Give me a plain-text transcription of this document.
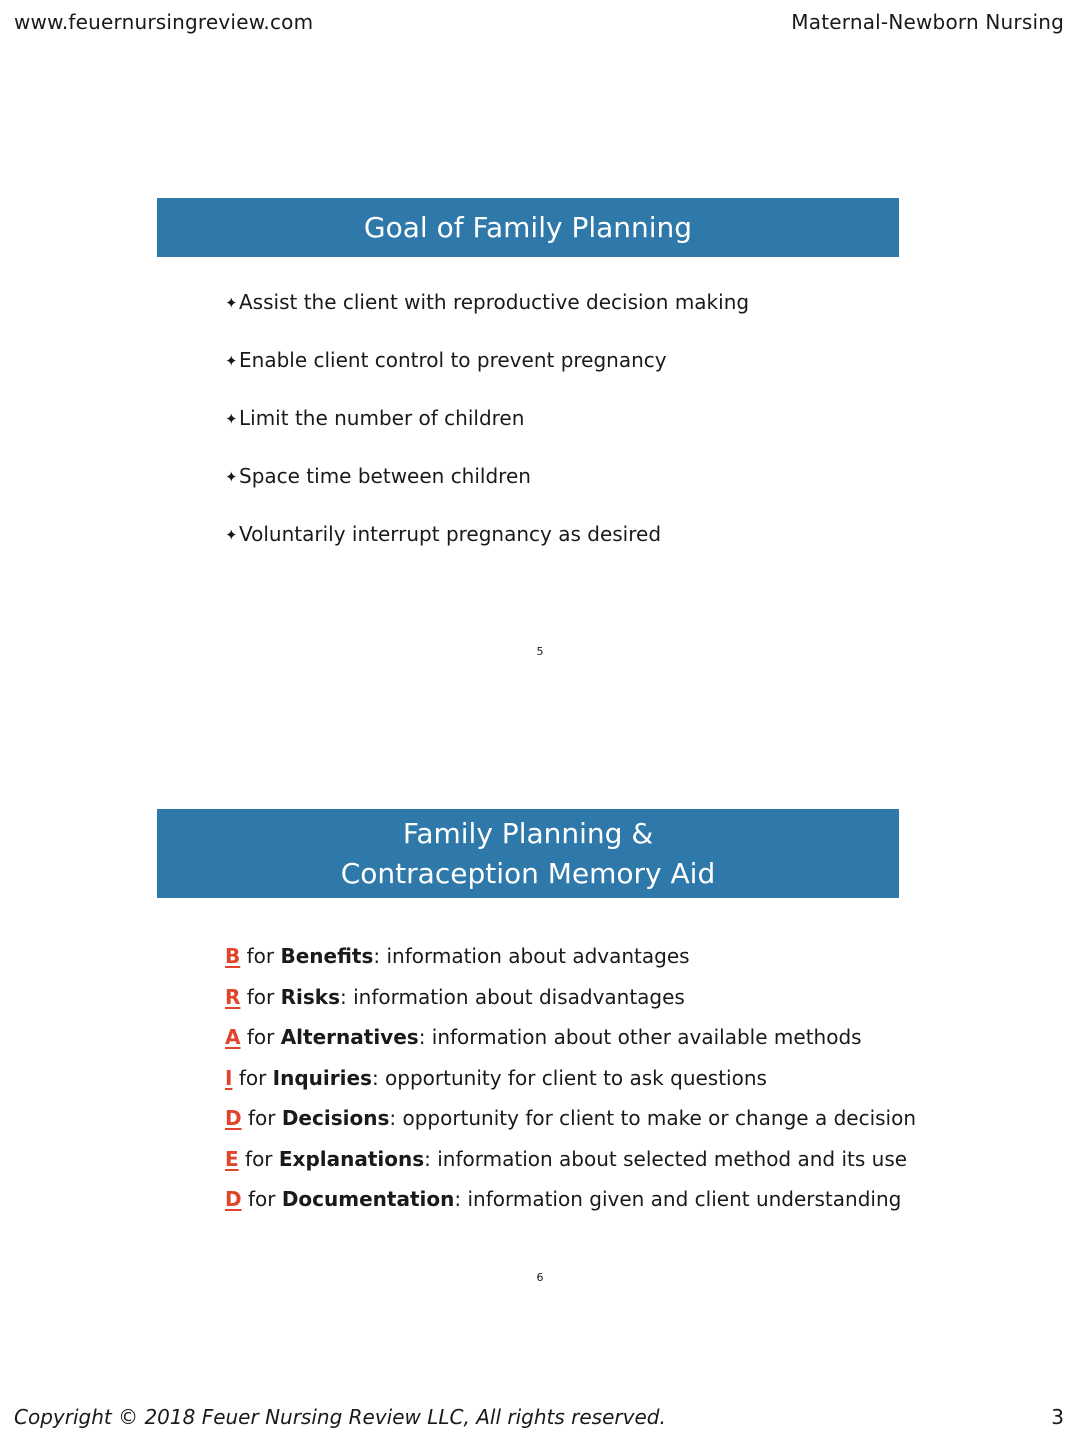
www.feuernursingreview.com	Maternal-Newborn Nursing
Goal of Family Planning
✦Assist the client with reproductive decision making
✦Enable client control to prevent pregnancy
✦Limit the number of children
✦Space time between children
✦Voluntarily interrupt pregnancy as desired
5
Family Planning &
Contraception Memory Aid
B for Benefits: information about advantages
R for Risks: information about disadvantages
A for Alternatives: information about other available methods
I for Inquiries: opportunity for client to ask questions
D for Decisions: opportunity for client to make or change a decision
E for Explanations: information about selected method and its use
D for Documentation: information given and client understanding
6
Copyright © 2018 Feuer Nursing Review LLC, All rights reserved.	3
